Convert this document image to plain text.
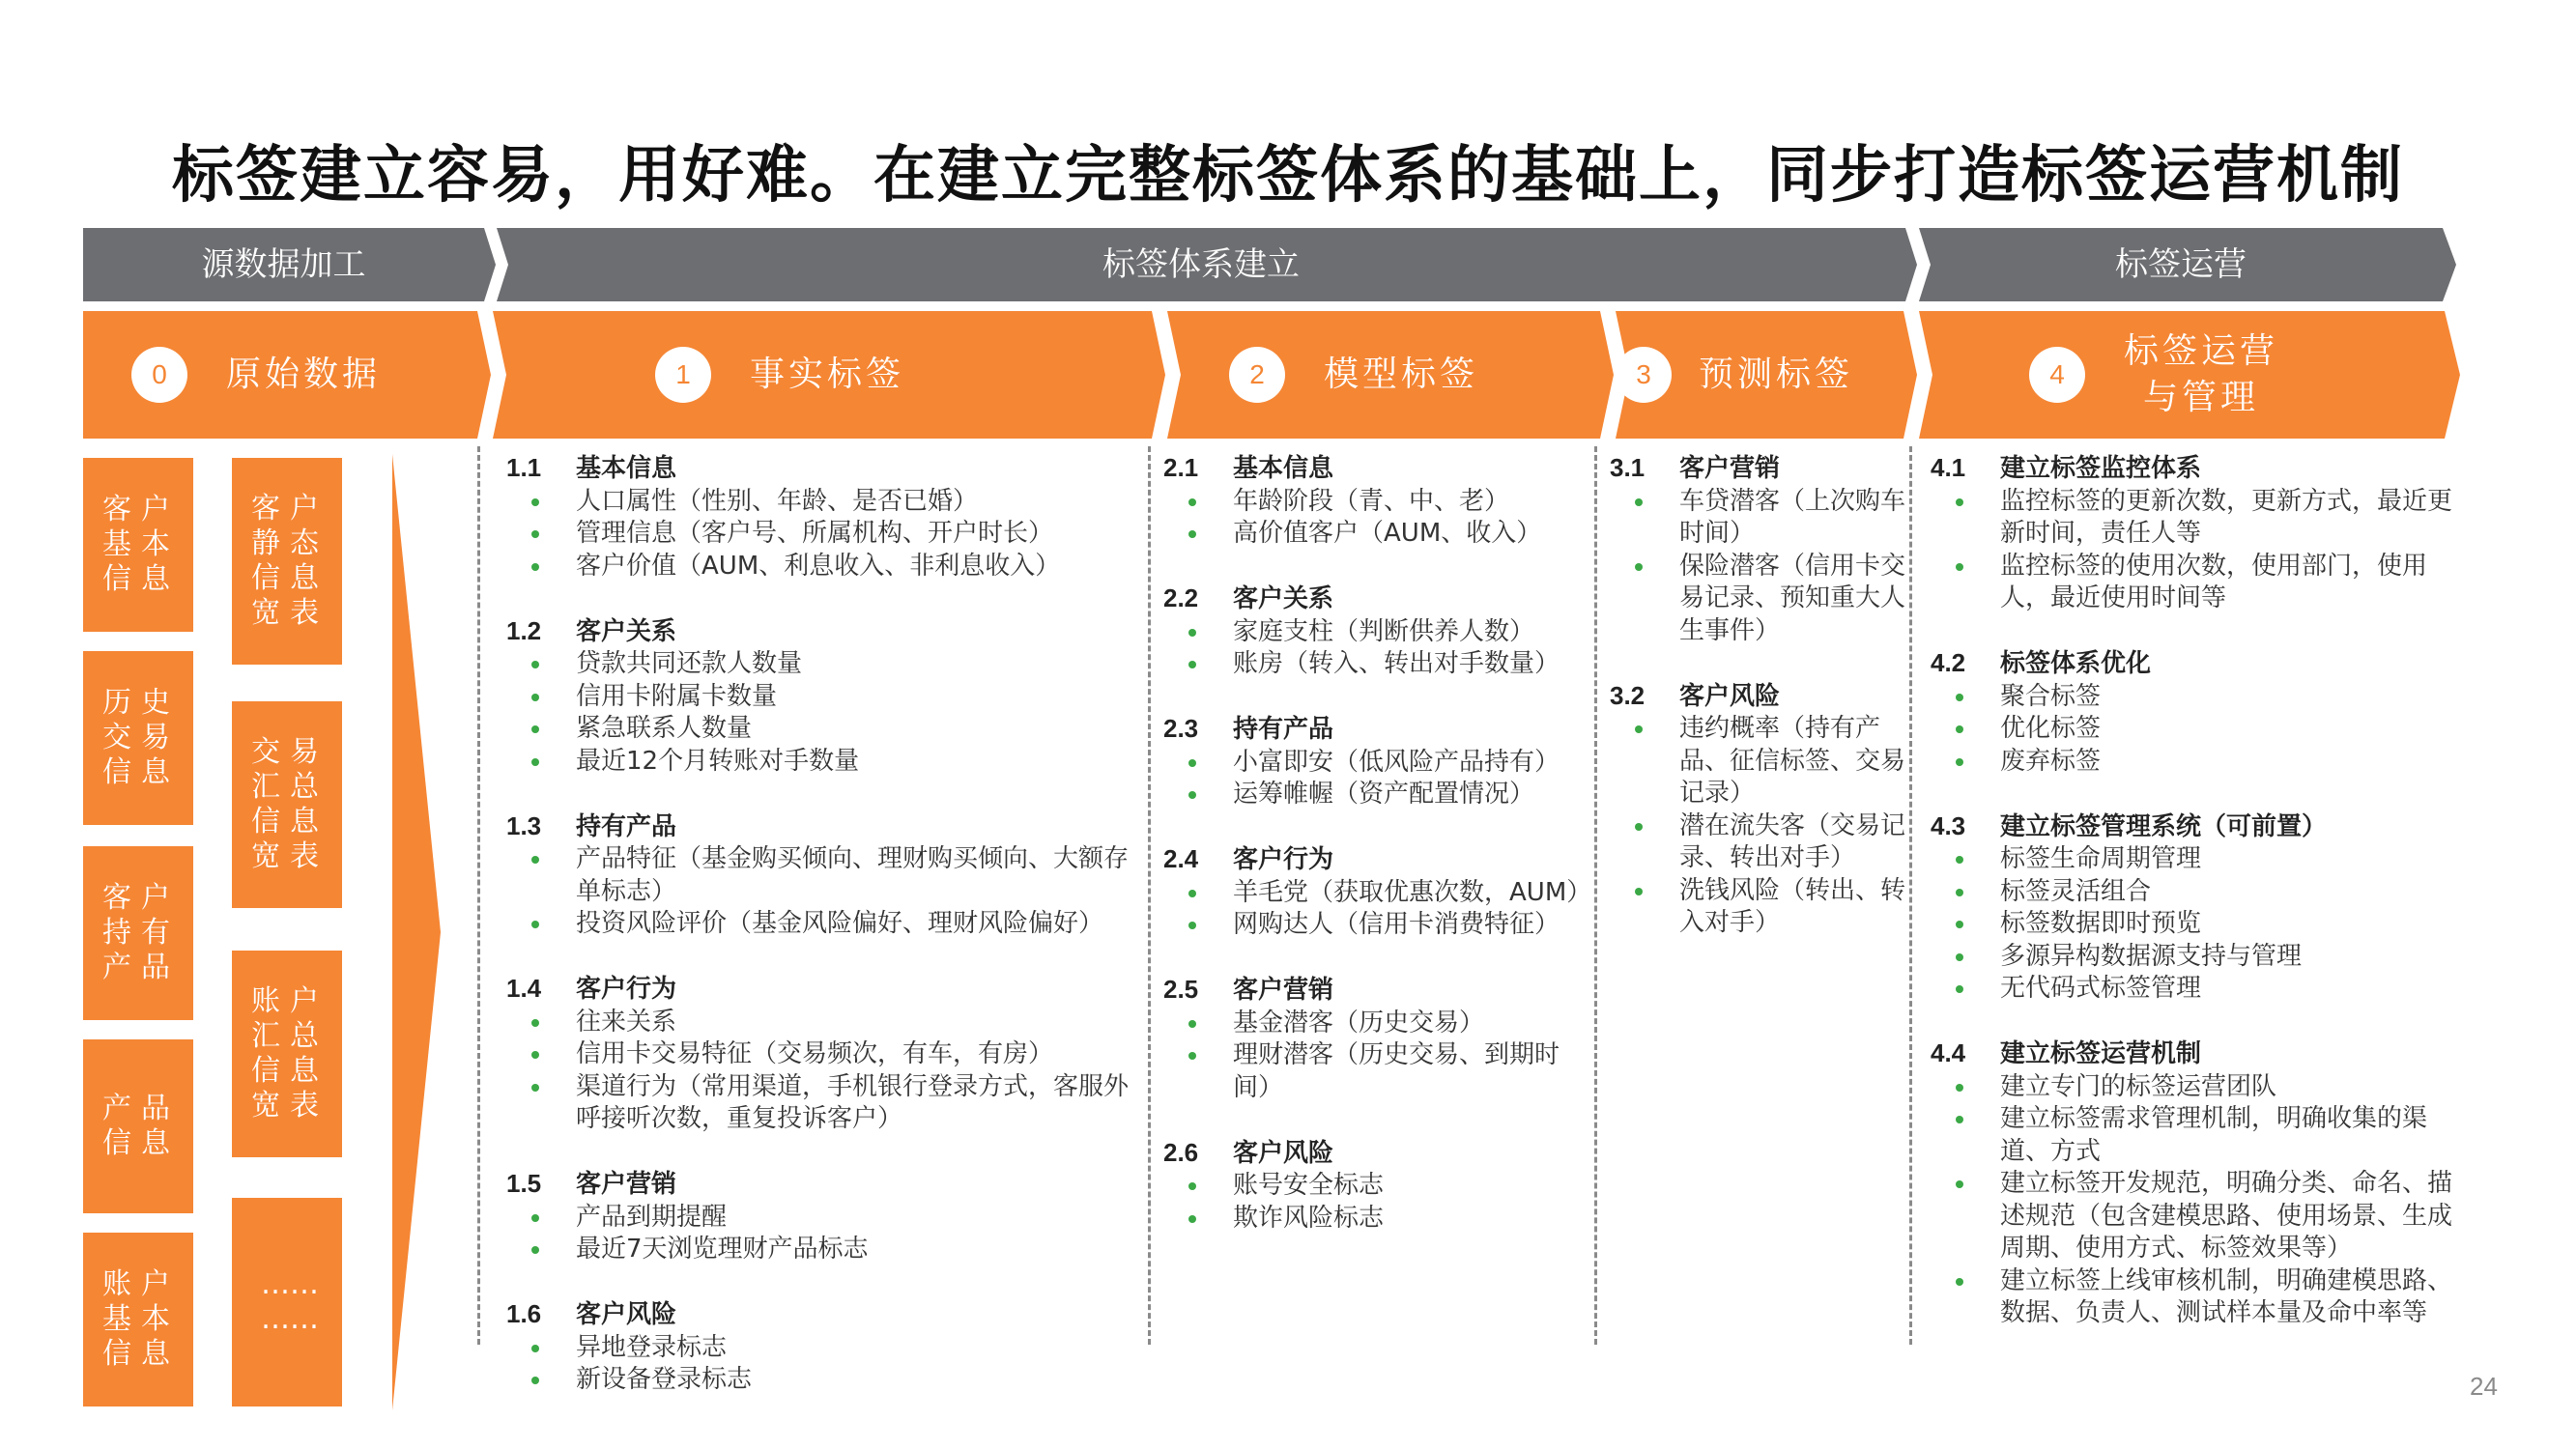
标签建立容易，用好难。在建立完整标签体系的基础上，同步打造标签运营机制
源数据加工	标签体系建立	标签运营
0	原始数据	1	事实标签	2	模型标签	3	预测标签	4
标签运营
与管理
客户
基本
信息
历史
交易
信息
客户
持有
产品
产品
信息
账户
基本
信息
客户
静态
信息
宽表
交易
汇总
信息
宽表
账户
汇总
信息
宽表
……
……
1.1 基本信息
人口属性（性别、年龄、是否已婚）
管理信息（客户号、所属机构、开户时长）
客户价值（AUM、利息收入、非利息收入）
1.2 客户关系
贷款共同还款人数量
信用卡附属卡数量
紧急联系人数量
最近12个月转账对手数量
1.3 持有产品
产品特征（基金购买倾向、理财购买倾向、大额存单标志）
投资风险评价（基金风险偏好、理财风险偏好）
1.4 客户行为
往来关系
信用卡交易特征（交易频次，有车，有房）
渠道行为（常用渠道，手机银行登录方式，客服外呼接听次数，重复投诉客户）
1.5 客户营销
产品到期提醒
最近7天浏览理财产品标志
1.6 客户风险
异地登录标志
新设备登录标志
2.1 基本信息
年龄阶段（青、中、老）
高价值客户（AUM、收入）
2.2 客户关系
家庭支柱（判断供养人数）
账房（转入、转出对手数量）
2.3 持有产品
小富即安（低风险产品持有）
运筹帷幄（资产配置情况）
2.4 客户行为
羊毛党（获取优惠次数，AUM）
网购达人（信用卡消费特征）
2.5 客户营销
基金潜客（历史交易）
理财潜客（历史交易、到期时间）
2.6 客户风险
账号安全标志
欺诈风险标志
3.1 客户营销
车贷潜客（上次购车时间）
保险潜客（信用卡交易记录、预知重大人生事件）
3.2 客户风险
违约概率（持有产品、征信标签、交易记录）
潜在流失客（交易记录、转出对手）
洗钱风险（转出、转入对手）
4.1 建立标签监控体系
监控标签的更新次数，更新方式，最近更新时间，责任人等
监控标签的使用次数，使用部门，使用人，最近使用时间等
4.2 标签体系优化
聚合标签
优化标签
废弃标签
4.3 建立标签管理系统（可前置）
标签生命周期管理
标签灵活组合
标签数据即时预览
多源异构数据源支持与管理
无代码式标签管理
4.4 建立标签运营机制
建立专门的标签运营团队
建立标签需求管理机制，明确收集的渠道、方式
建立标签开发规范，明确分类、命名、描述规范（包含建模思路、使用场景、生成周期、使用方式、标签效果等）
建立标签上线审核机制，明确建模思路、数据、负责人、测试样本量及命中率等
24
